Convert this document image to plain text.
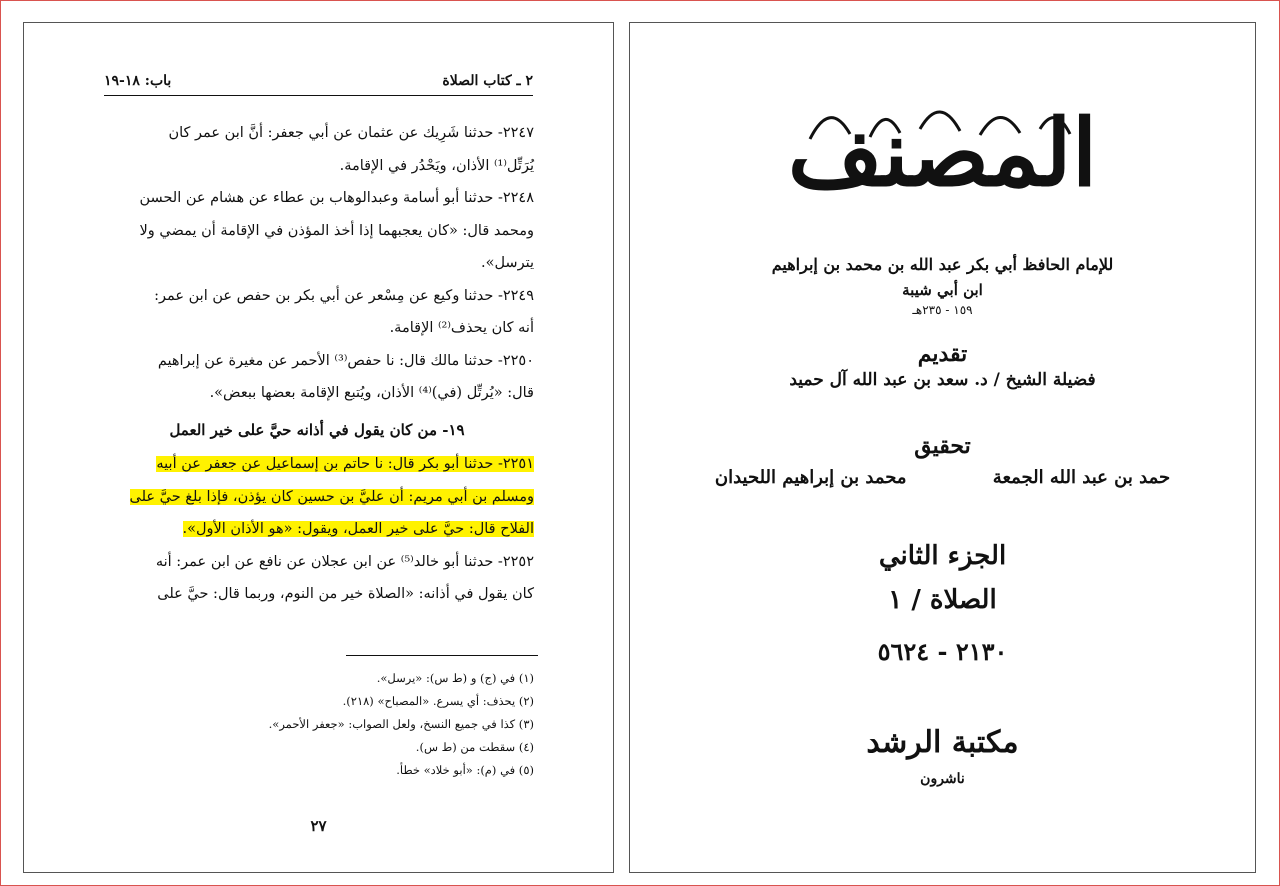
٢ ـ كتاب الصلاة
باب: ١٨-١٩
٢٢٤٧- حدثنا شَرِيك عن عثمان عن أبي جعفر: أنَّ ابن عمر كان
يُرَتِّل⁽¹⁾ الأذان، ويَحْدُر في الإقامة.
٢٢٤٨- حدثنا أبو أسامة وعبدالوهاب بن عطاء عن هشام عن الحسن
ومحمد قال: «كان يعجبهما إذا أخذ المؤذن في الإقامة أن يمضي ولا
يترسل».
٢٢٤٩- حدثنا وكيع عن مِسْعر عن أبي بكر بن حفص عن ابن عمر:
أنه كان يحذف⁽²⁾ الإقامة.
٢٢٥٠- حدثنا مالك قال: نا حفص⁽³⁾ الأحمر عن مغيرة عن إبراهيم
قال: «يُرتِّل (في)⁽⁴⁾ الأذان، ويُتبع الإقامة بعضها ببعض».
١٩- من كان يقول في أذانه حيَّ على خير العمل
٢٢٥١- حدثنا أبو بكر قال: نا حاتم بن إسماعيل عن جعفر عن أبيه
ومسلم بن أبي مريم: أن عليَّ بن حسين كان يؤذن، فإذا بلغ حيَّ على
الفلاح قال: حيَّ على خير العمل، ويقول: «هو الأذان الأول».
٢٢٥٢- حدثنا أبو خالد⁽⁵⁾ عن ابن عجلان عن نافع عن ابن عمر: أنه
كان يقول في أذانه: «الصلاة خير من النوم، وربما قال: حيَّ على
(١) في (ج) و (ط س): «يرسل».
(٢) يحذف: أي يسرع. «المصباح» (٢١٨).
(٣) كذا في جميع النسخ، ولعل الصواب: «جعفر الأحمر».
(٤) سقطت من (ط س).
(٥) في (م): «أبو خلاد» خطأ.
٢٧
المصنف
للإمام الحافظ أبي بكر عبد الله بن محمد بن إبراهيم
ابن أبي شيبة
١٥٩ - ٢٣٥هـ
تقديم
فضيلة الشيخ / د. سعد بن عبد الله آل حميد
تحقيق
حمد بن عبد الله الجمعة محمد بن إبراهيم اللحيدان
الجزء الثاني
الصلاة / ١
٢١٣٠ - ٥٦٢٤
مكتبة الرشد
ناشرون
